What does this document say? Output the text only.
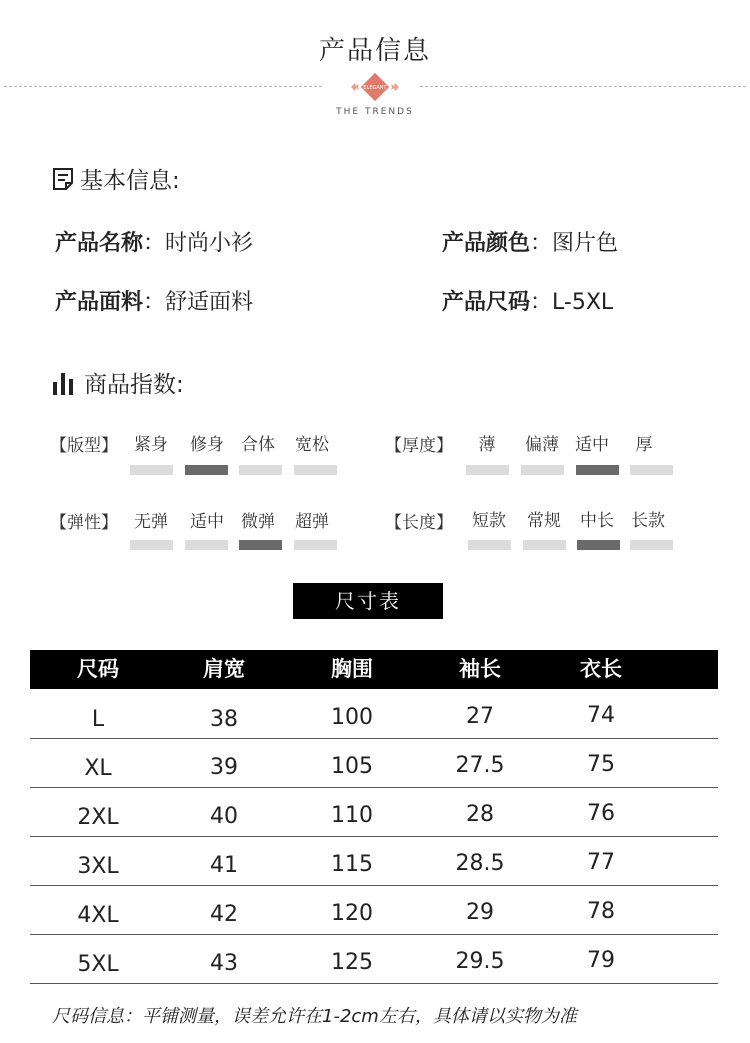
产品信息
ELEGANT
THE TRENDS
基本信息:
产品名称：时尚小衫	产品颜色：图片色
产品面料：舒适面料	产品尺码：L-5XL
商品指数:
【版型】 紧身	修身	合体	宽松	【厚度】	薄	偏薄 适中	厚
【弹性】 无弹	适中	微弹	超弹	【长度】	短款	常规	中长	长款
尺寸表
尺码	肩宽	胸围	袖长	衣长
L	38	100	27	74
XL	39	105	27.5	75
2XL	40	110	28	76
3XL	41	115	28.5	77
4XL	42	120	29	78
5XL	43	125	29.5	79
尺码信息：平铺测量，误差允许在1-2cm左右，具体请以实物为准
